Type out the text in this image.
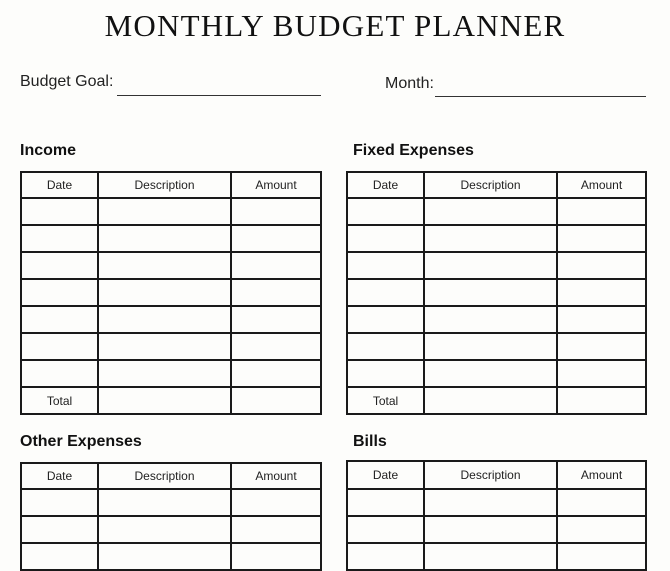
MONTHLY BUDGET PLANNER
Budget Goal:	Month:
Income
Date	Description	Amount

Total		
Fixed Expenses
Date	Description	Amount

Total		
Other Expenses
Date	Description	Amount

Bills
Date	Description	Amount
